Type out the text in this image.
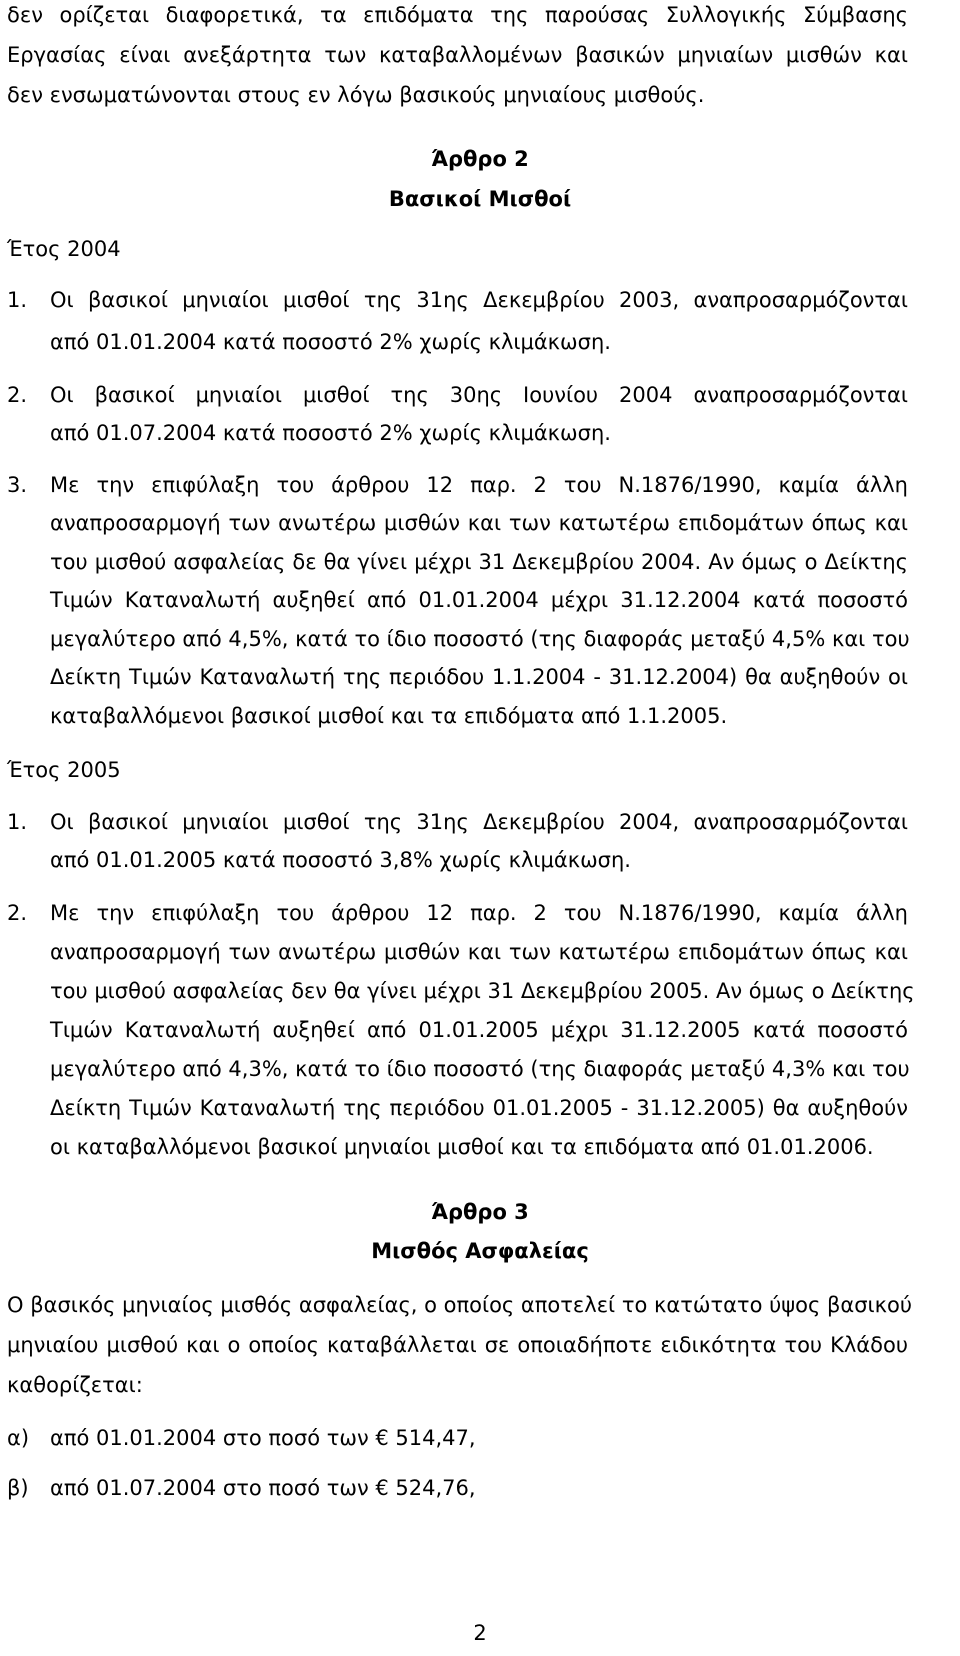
δεν ορίζεται διαφορετικά, τα επιδόματα της παρούσας Συλλογικής Σύμβασης
Εργασίας είναι ανεξάρτητα των καταβαλλομένων βασικών μηνιαίων μισθών και
δεν ενσωματώνονται στους εν λόγω βασικούς μηνιαίους μισθούς.
Άρθρο 2
Βασικοί Μισθοί
Έτος 2004
1. Οι βασικοί μηνιαίοι μισθοί της 31ης Δεκεμβρίου 2003, αναπροσαρμόζονται
από 01.01.2004 κατά ποσοστό 2% χωρίς κλιμάκωση.
2. Οι βασικοί μηνιαίοι μισθοί της 30ης Ιουνίου 2004 αναπροσαρμόζονται
από 01.07.2004 κατά ποσοστό 2% χωρίς κλιμάκωση.
3. Με την επιφύλαξη του άρθρου 12 παρ. 2 του Ν.1876/1990, καμία άλλη
αναπροσαρμογή των ανωτέρω μισθών και των κατωτέρω επιδομάτων όπως και
του μισθού ασφαλείας δε θα γίνει μέχρι 31 Δεκεμβρίου 2004. Αν όμως ο Δείκτης
Τιμών Καταναλωτή αυξηθεί από 01.01.2004 μέχρι 31.12.2004 κατά ποσοστό
μεγαλύτερο από 4,5%, κατά το ίδιο ποσοστό (της διαφοράς μεταξύ 4,5% και του
Δείκτη Τιμών Καταναλωτή της περιόδου 1.1.2004 - 31.12.2004) θα αυξηθούν οι
καταβαλλόμενοι βασικοί μισθοί και τα επιδόματα από 1.1.2005.
Έτος 2005
1. Οι βασικοί μηνιαίοι μισθοί της 31ης Δεκεμβρίου 2004, αναπροσαρμόζονται
από 01.01.2005 κατά ποσοστό 3,8% χωρίς κλιμάκωση.
2. Με την επιφύλαξη του άρθρου 12 παρ. 2 του Ν.1876/1990, καμία άλλη
αναπροσαρμογή των ανωτέρω μισθών και των κατωτέρω επιδομάτων όπως και
του μισθού ασφαλείας δεν θα γίνει μέχρι 31 Δεκεμβρίου 2005. Αν όμως ο Δείκτης
Τιμών Καταναλωτή αυξηθεί από 01.01.2005 μέχρι 31.12.2005 κατά ποσοστό
μεγαλύτερο από 4,3%, κατά το ίδιο ποσοστό (της διαφοράς μεταξύ 4,3% και του
Δείκτη Τιμών Καταναλωτή της περιόδου 01.01.2005 - 31.12.2005) θα αυξηθούν
οι καταβαλλόμενοι βασικοί μηνιαίοι μισθοί και τα επιδόματα από 01.01.2006.
Άρθρο 3
Μισθός Ασφαλείας
Ο βασικός μηνιαίος μισθός ασφαλείας, ο οποίος αποτελεί το κατώτατο ύψος βασικού
μηνιαίου μισθού και ο οποίος καταβάλλεται σε οποιαδήποτε ειδικότητα του Κλάδου
καθορίζεται:
α) από 01.01.2004 στο ποσό των € 514,47,
β) από 01.07.2004 στο ποσό των € 524,76,
2
